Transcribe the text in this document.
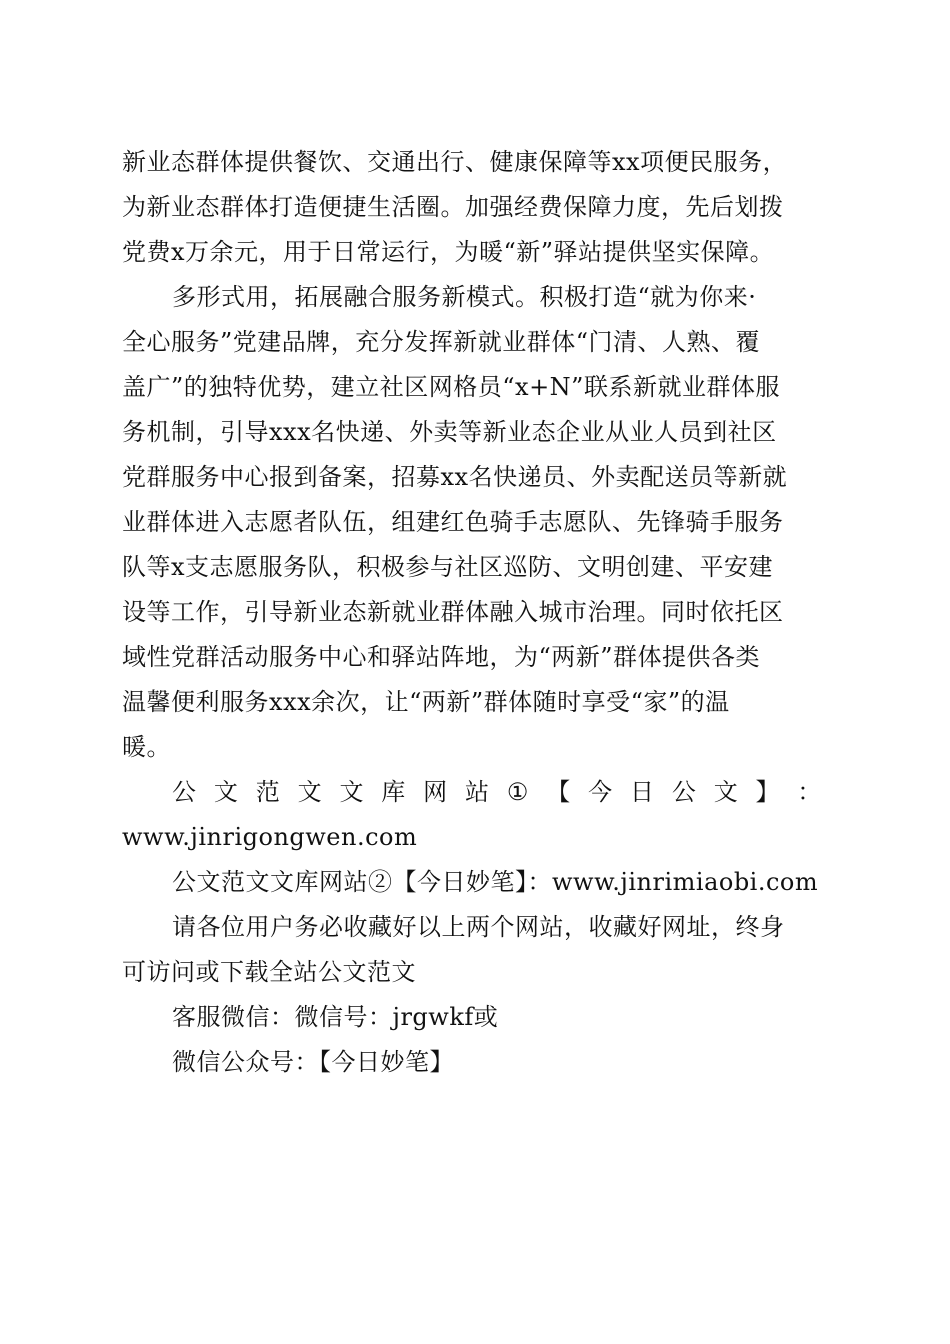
新业态群体提供餐饮、交通出行、健康保障等xx项便民服务，
为新业态群体打造便捷生活圈。加强经费保障力度，先后划拨
党费x万余元，用于日常运行，为暖“新”驿站提供坚实保障。
多形式用，拓展融合服务新模式。积极打造“就为你来·
全心服务”党建品牌，充分发挥新就业群体“门清、人熟、覆
盖广”的独特优势，建立社区网格员“x+N”联系新就业群体服
务机制，引导xxx名快递、外卖等新业态企业从业人员到社区
党群服务中心报到备案，招募xx名快递员、外卖配送员等新就
业群体进入志愿者队伍，组建红色骑手志愿队、先锋骑手服务
队等x支志愿服务队，积极参与社区巡防、文明创建、平安建
设等工作，引导新业态新就业群体融入城市治理。同时依托区
域性党群活动服务中心和驿站阵地，为“两新”群体提供各类
温馨便利服务xxx余次，让“两新”群体随时享受“家”的温
暖。
公 文 范 文 文 库 网 站 ① 【 今 日 公 文 】 ：
www.jinrigongwen.com
公文范文文库网站②【今日妙笔】：www.jinrimiaobi.com
请各位用户务必收藏好以上两个网站，收藏好网址，终身
可访问或下载全站公文范文
客服微信：微信号：jrgwkf或
微信公众号：【今日妙笔】
